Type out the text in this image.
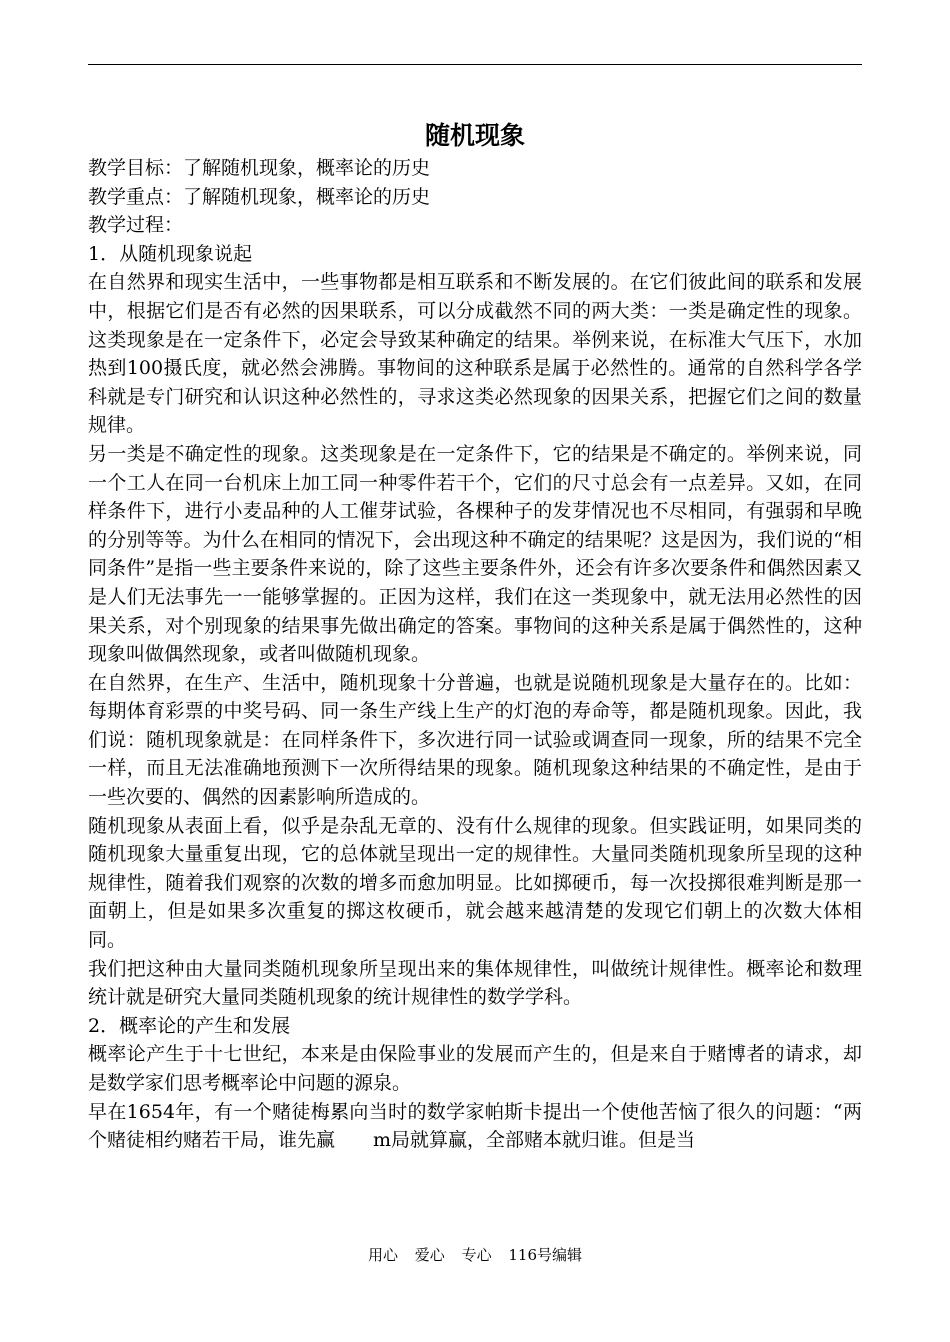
随机现象

教学目标：了解随机现象，概率论的历史

教学重点：了解随机现象，概率论的历史

教学过程：

1．从随机现象说起

在自然界和现实生活中，一些事物都是相互联系和不断发展的。在它们彼此间的联系和发展中，根据它们是否有必然的因果联系，可以分成截然不同的两大类：一类是确定性的现象。这类现象是在一定条件下，必定会导致某种确定的结果。举例来说，在标准大气压下，水加热到100摄氏度，就必然会沸腾。事物间的这种联系是属于必然性的。通常的自然科学各学科就是专门研究和认识这种必然性的，寻求这类必然现象的因果关系，把握它们之间的数量规律。

另一类是不确定性的现象。这类现象是在一定条件下，它的结果是不确定的。举例来说，同一个工人在同一台机床上加工同一种零件若干个，它们的尺寸总会有一点差异。又如，在同样条件下，进行小麦品种的人工催芽试验，各棵种子的发芽情况也不尽相同，有强弱和早晚的分别等等。为什么在相同的情况下，会出现这种不确定的结果呢？这是因为，我们说的“相同条件”是指一些主要条件来说的，除了这些主要条件外，还会有许多次要条件和偶然因素又是人们无法事先一一能够掌握的。正因为这样，我们在这一类现象中，就无法用必然性的因果关系，对个别现象的结果事先做出确定的答案。事物间的这种关系是属于偶然性的，这种现象叫做偶然现象，或者叫做随机现象。

在自然界，在生产、生活中，随机现象十分普遍，也就是说随机现象是大量存在的。比如：每期体育彩票的中奖号码、同一条生产线上生产的灯泡的寿命等，都是随机现象。因此，我们说：随机现象就是：在同样条件下，多次进行同一试验或调查同一现象，所的结果不完全一样，而且无法准确地预测下一次所得结果的现象。随机现象这种结果的不确定性，是由于一些次要的、偶然的因素影响所造成的。

随机现象从表面上看，似乎是杂乱无章的、没有什么规律的现象。但实践证明，如果同类的随机现象大量重复出现，它的总体就呈现出一定的规律性。大量同类随机现象所呈现的这种规律性，随着我们观察的次数的增多而愈加明显。比如掷硬币，每一次投掷很难判断是那一面朝上，但是如果多次重复的掷这枚硬币，就会越来越清楚的发现它们朝上的次数大体相同。

我们把这种由大量同类随机现象所呈现出来的集体规律性，叫做统计规律性。概率论和数理统计就是研究大量同类随机现象的统计规律性的数学学科。

2．概率论的产生和发展

概率论产生于十七世纪，本来是由保险事业的发展而产生的，但是来自于赌博者的请求，却是数学家们思考概率论中问题的源泉。

早在1654年，有一个赌徒梅累向当时的数学家帕斯卡提出一个使他苦恼了很久的问题：“两个赌徒相约赌若干局，谁先赢　　m局就算赢，全部赌本就归谁。但是当

用心 爱心 专心 116号编辑
